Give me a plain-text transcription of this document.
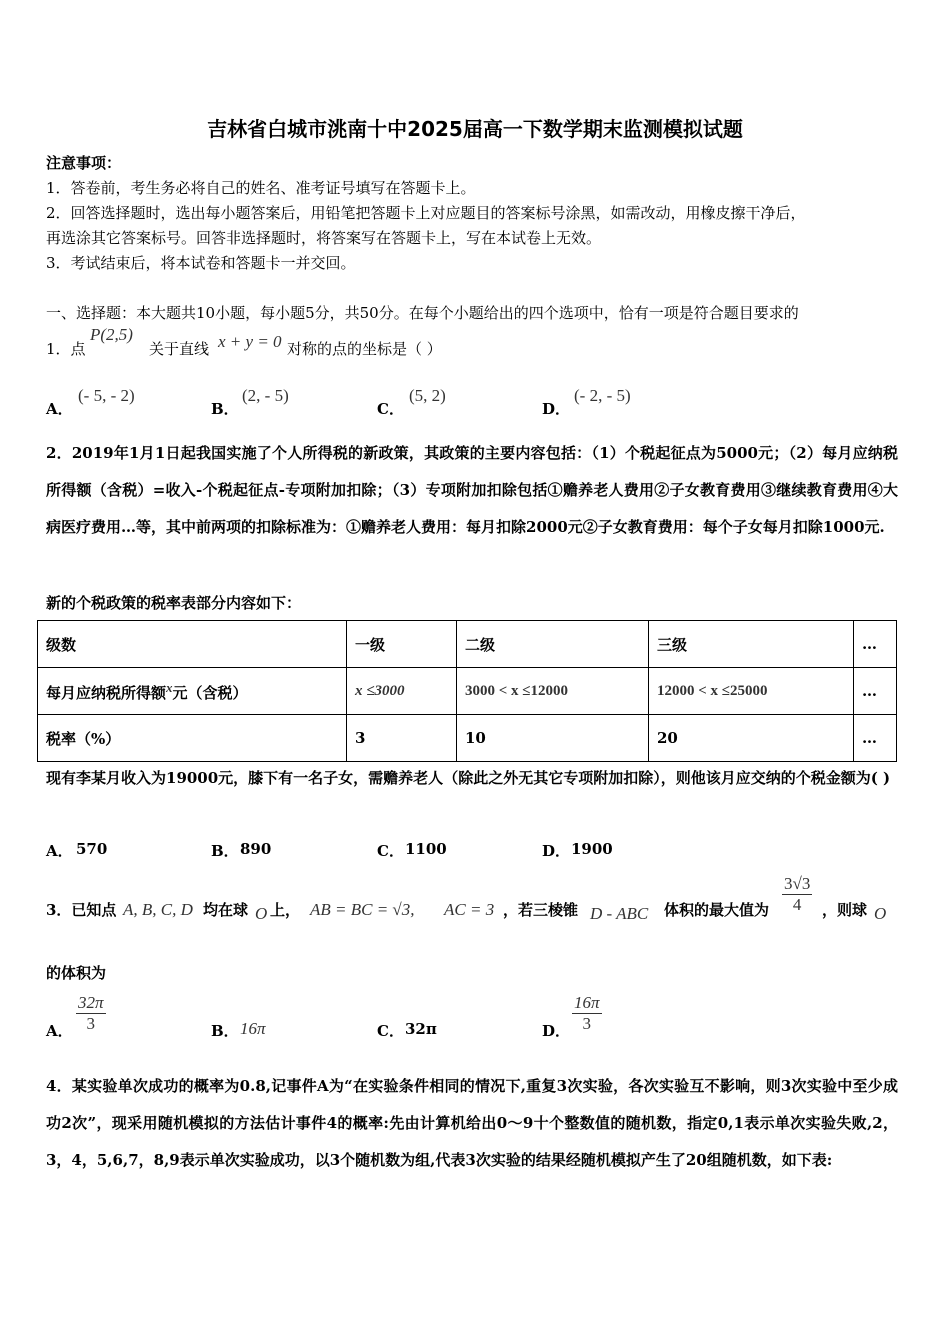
吉林省白城市洮南十中2025届高一下数学期末监测模拟试题
注意事项：
1．答卷前，考生务必将自己的姓名、准考证号填写在答题卡上。
2．回答选择题时，选出每小题答案后，用铅笔把答题卡上对应题目的答案标号涂黑，如需改动，用橡皮擦干净后，
再选涂其它答案标号。回答非选择题时，将答案写在答题卡上，写在本试卷上无效。
3．考试结束后，将本试卷和答题卡一并交回。
一、选择题：本大题共10小题，每小题5分，共50分。在每个小题给出的四个选项中，恰有一项是符合题目要求的
1．点
P(2,5)
关于直线 x + y = 0 对称的点的坐标是（ ）
A．
(- 5, - 2)
B．
(2, - 5)
C．
(5, 2)
D．
(- 2, - 5)
2．2019年1月1日起我国实施了个人所得税的新政策，其政策的主要内容包括：（1）个税起征点为5000元；（2）每月应纳税所得额（含税）=收入-个税起征点-专项附加扣除；（3）专项附加扣除包括①赡养老人费用②子女教育费用③继续教育费用④大病医疗费用…等，其中前两项的扣除标准为：①赡养老人费用：每月扣除2000元②子女教育费用：每个子女每月扣除1000元.
新的个税政策的税率表部分内容如下：
级数	一级	二级	三级	…
每月应纳税所得额$^x$元（含税）	x ≤3000	3000 < x ≤12000	12000 < x ≤25000	…
税率（%）	3	10	20	…
现有李某月收入为19000元，膝下有一名子女，需赡养老人（除此之外无其它专项附加扣除），则他该月应交纳的个税金额为( )
A． 570	B． 890	C． 1100	D． 1900
3．已知点 A, B, C, D 均在球 O 上， AB = BC = √3, AC = 3 ，若三棱锥 D - ABC 体积的最大值为 $\frac{3√3}{4}$ ，则球 O
的体积为
A． $\frac{32\pi}{3}$	B． 16π	C． 32π	D． $\frac{16\pi}{3}$
4．某实验单次成功的概率为0.8,记事件A为“在实验条件相同的情况下,重复3次实验，各次实验互不影响，则3次实验中至少成功2次”，现采用随机模拟的方法估计事件4的概率:先由计算机给出0～9十个整数值的随机数，指定0,1表示单次实验失败,2，3，4，5,6,7，8,9表示单次实验成功，以3个随机数为组,代表3次实验的结果经随机模拟产生了20组随机数，如下表:
